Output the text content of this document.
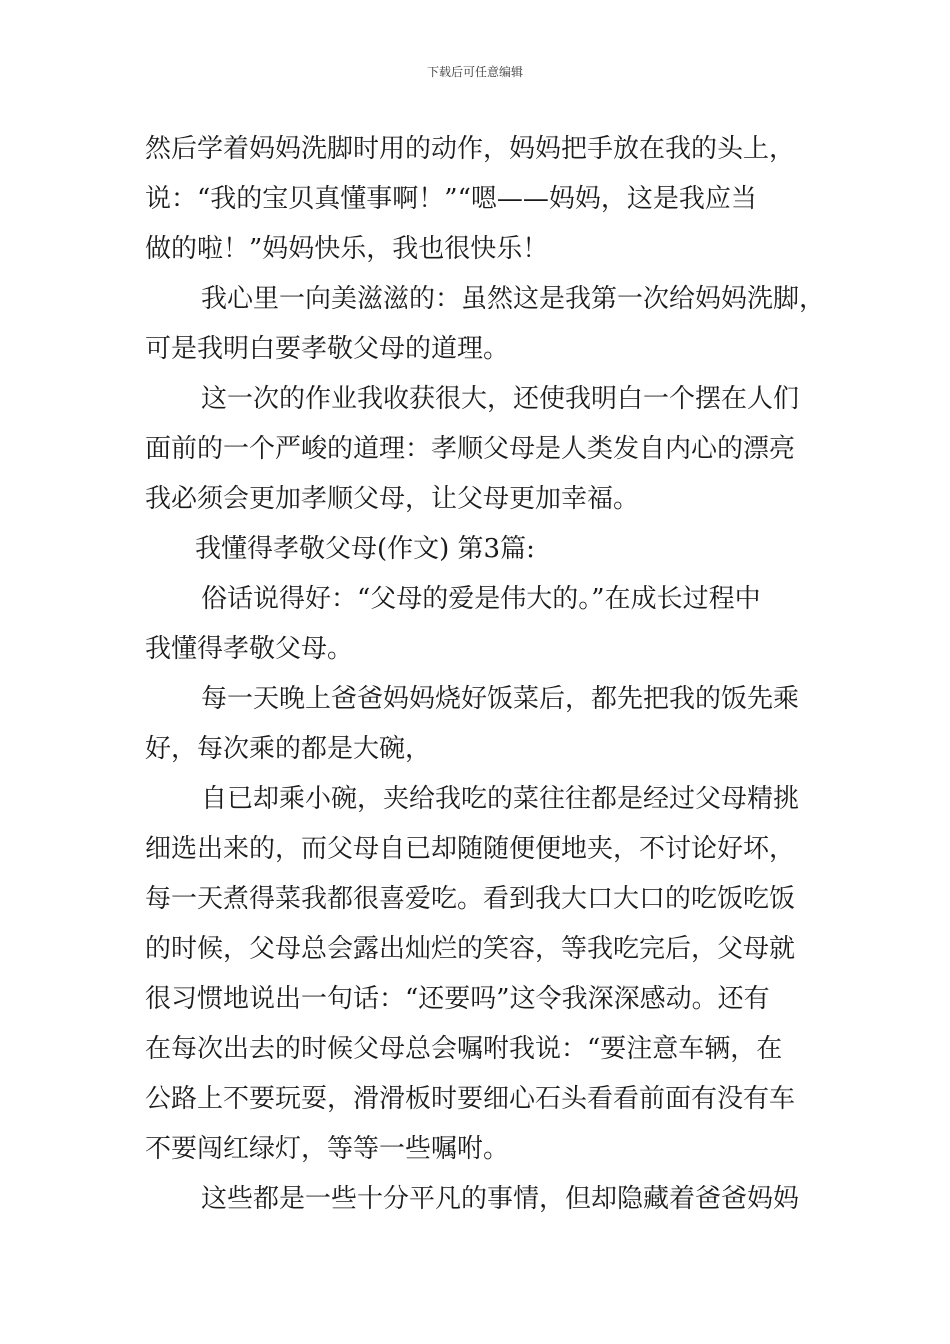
下载后可任意编辑
然后学着妈妈洗脚时用的动作，妈妈把手放在我的头上，
说：“我的宝贝真懂事啊！”“嗯——妈妈，这是我应当
做的啦！”妈妈快乐，我也很快乐！
我心里一向美滋滋的：虽然这是我第一次给妈妈洗脚，
可是我明白要孝敬父母的道理。
这一次的作业我收获很大，还使我明白一个摆在人们
面前的一个严峻的道理：孝顺父母是人类发自内心的漂亮
我必须会更加孝顺父母，让父母更加幸福。
我懂得孝敬父母(作文) 第3篇:
俗话说得好：“父母的爱是伟大的。”在成长过程中
我懂得孝敬父母。
每一天晚上爸爸妈妈烧好饭菜后，都先把我的饭先乘
好，每次乘的都是大碗，
自已却乘小碗，夹给我吃的菜往往都是经过父母精挑
细选出来的，而父母自已却随随便便地夹，不讨论好坏，
每一天煮得菜我都很喜爱吃。看到我大口大口的吃饭吃饭
的时候，父母总会露出灿烂的笑容，等我吃完后，父母就
很习惯地说出一句话：“还要吗”这令我深深感动。还有
在每次出去的时候父母总会嘱咐我说：“要注意车辆，在
公路上不要玩耍，滑滑板时要细心石头看看前面有没有车
不要闯红绿灯，等等一些嘱咐。
这些都是一些十分平凡的事情，但却隐藏着爸爸妈妈
